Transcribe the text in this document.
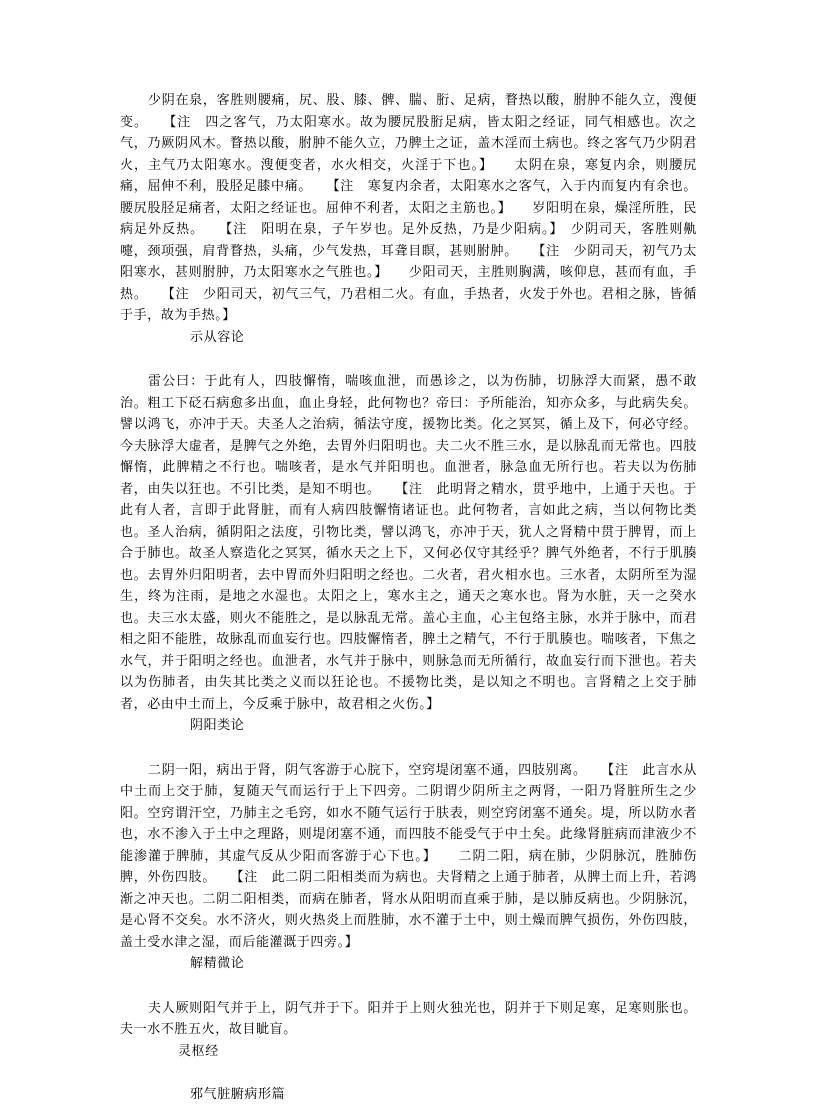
少阴在泉，客胜则腰痛，尻、股、膝、髀、腨、胻、足病，瞀热以酸，胕肿不能久立，溲便变。　　【注　四之客气，乃太阳寒水。故为腰尻股胻足病，皆太阳之经证，同气相感也。次之气，乃厥阴风木。瞀热以酸，胕肿不能久立，乃脾土之证，盖木淫而土病也。终之客气乃少阴君火，主气乃太阳寒水。溲便变者，水火相交，火淫于下也。】　　太阴在泉，寒复内余，则腰尻痛，屈伸不利，股胫足膝中痛。　　【注　寒复内余者，太阳寒水之客气，入于内而复内有余也。腰尻股胫足痛者，太阳之经证也。屈伸不利者，太阳之主筋也。】　　岁阳明在泉，燥淫所胜，民病足外反热。　　【注　阳明在泉，子午岁也。足外反热，乃是少阳病。】　少阴司天，客胜则鼽嚏，颈项强，肩背瞀热，头痛，少气发热，耳聋目瞑，甚则胕肿。　　【注　少阴司天，初气乃太阳寒水，甚则胕肿，乃太阳寒水之气胜也。】　　少阳司天，主胜则胸满，咳仰息，甚而有血，手热。　　【注　少阳司天，初气三气，乃君相二火。有血，手热者，火发于外也。君相之脉，皆循于手，故为手热。】

示从容论

雷公曰：于此有人，四肢懈惰，喘咳血泄，而愚诊之，以为伤肺，切脉浮大而紧，愚不敢治。粗工下砭石病愈多出血，血止身轻，此何物也？帝曰：予所能治，知亦众多，与此病失矣。譬以鸿飞，亦冲于天。夫圣人之治病，循法守度，援物比类。化之冥冥，循上及下，何必守经。今夫脉浮大虚者，是脾气之外绝，去胃外归阳明也。夫二火不胜三水，是以脉乱而无常也。四肢懈惰，此脾精之不行也。喘咳者，是水气并阳明也。血泄者，脉急血无所行也。若夫以为伤肺者，由失以狂也。不引比类，是知不明也。　　【注　此明肾之精水，贯乎地中，上通于天也。于此有人者，言即于此肾脏，而有人病四肢懈惰诸证也。此何物者，言如此之病，当以何物比类也。圣人治病，循阴阳之法度，引物比类，譬以鸿飞，亦冲于天，犹人之肾精中贯于脾胃，而上合于肺也。故圣人察造化之冥冥，循水天之上下，又何必仅守其经乎？脾气外绝者，不行于肌腠也。去胃外归阳明者，去中胃而外归阳明之经也。二火者，君火相水也。三水者，太阴所至为湿生，终为注雨，是地之水湿也。太阳之上，寒水主之，通天之寒水也。肾为水脏，天一之癸水也。夫三水太盛，则火不能胜之，是以脉乱无常。盖心主血，心主包络主脉，水并于脉中，而君相之阳不能胜，故脉乱而血妄行也。四肢懈惰者，脾土之精气，不行于肌腠也。喘咳者，下焦之水气，并于阳明之经也。血泄者，水气并于脉中，则脉急而无所循行，故血妄行而下泄也。若夫以为伤肺者，由失其比类之义而以狂论也。不援物比类，是以知之不明也。言肾精之上交于肺者，必由中土而上，今反乘于脉中，故君相之火伤。】

阴阳类论

二阴一阳，病出于肾，阴气客游于心脘下，空窍堤闭塞不通，四肢别离。　　【注　此言水从中土而上交于肺，复随天气而运行于上下四旁。二阴谓少阴所主之两肾，一阳乃肾脏所生之少阳。空窍谓汗空，乃肺主之毛窍，如水不随气运行于肤表，则空窍闭塞不通矣。堤，所以防水者也，水不渗入于土中之理路，则堤闭塞不通，而四肢不能受气于中土矣。此缘肾脏病而津液少不能渗灌于脾肺，其虚气反从少阳而客游于心下也。】　　二阴二阳，病在肺，少阴脉沉，胜肺伤脾，外伤四肢。　　【注　此二阴二阳相类而为病也。夫肾精之上通于肺者，从脾土而上升，若鸿渐之冲天也。二阴二阳相类，而病在肺者，肾水从阳明而直乘于肺，是以肺反病也。少阴脉沉，是心肾不交矣。水不济火，则火热炎上而胜肺，水不灌于土中，则土燥而脾气损伤，外伤四肢，盖土受水津之湿，而后能灌溉于四旁。】

解精微论

夫人厥则阳气并于上，阴气并于下。阳并于上则火独光也，阴并于下则足寒，足寒则胀也。夫一水不胜五火，故目眦盲。

灵枢经
邪气脏腑病形篇
